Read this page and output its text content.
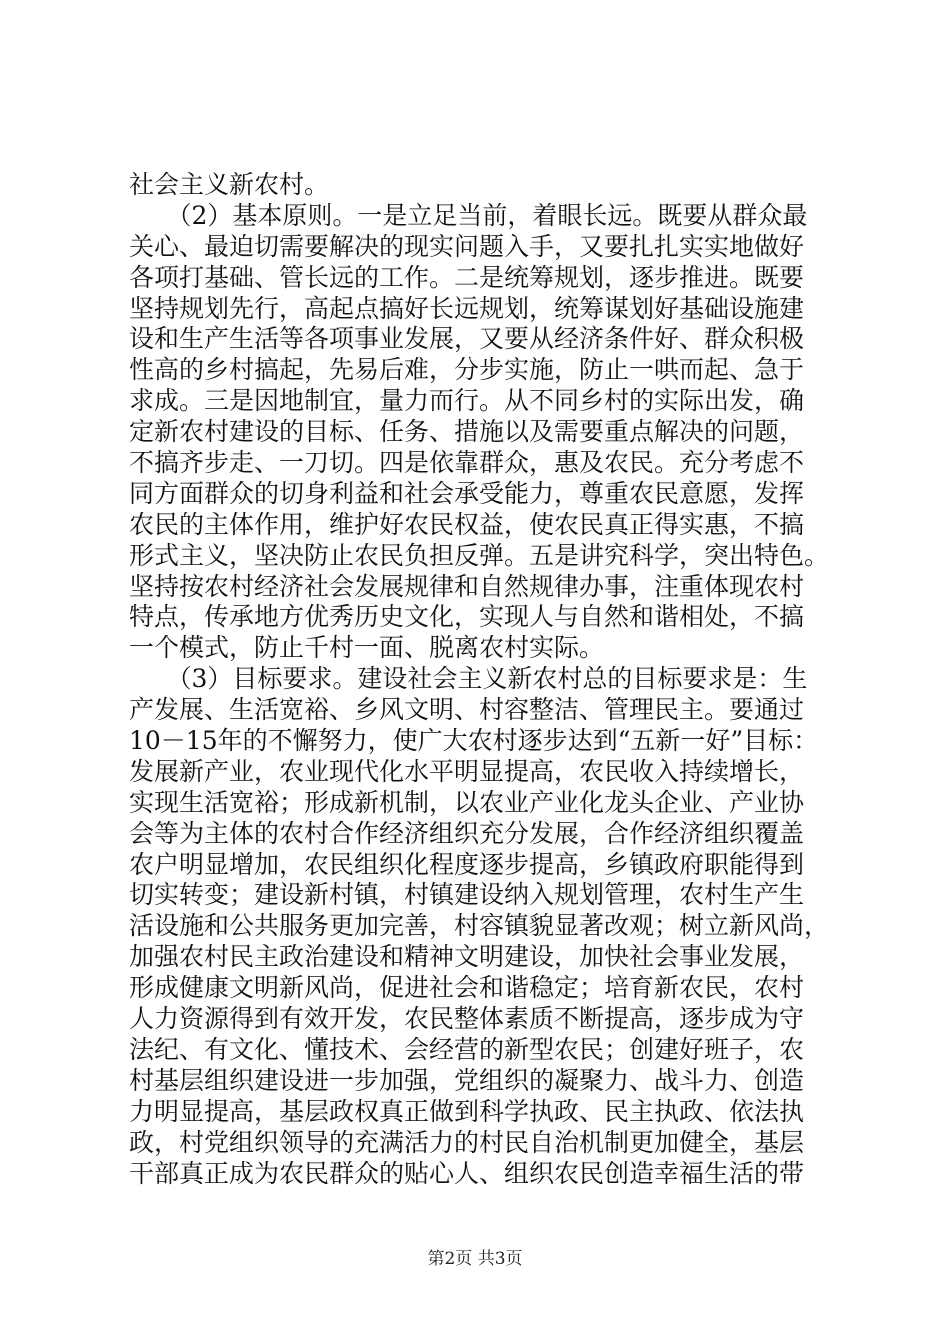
社会主义新农村。
　　（2）基本原则。一是立足当前，着眼长远。既要从群众最
关心、最迫切需要解决的现实问题入手，又要扎扎实实地做好
各项打基础、管长远的工作。二是统筹规划，逐步推进。既要
坚持规划先行，高起点搞好长远规划，统筹谋划好基础设施建
设和生产生活等各项事业发展，又要从经济条件好、群众积极
性高的乡村搞起，先易后难，分步实施，防止一哄而起、急于
求成。三是因地制宜，量力而行。从不同乡村的实际出发，确
定新农村建设的目标、任务、措施以及需要重点解决的问题，
不搞齐步走、一刀切。四是依靠群众，惠及农民。充分考虑不
同方面群众的切身利益和社会承受能力，尊重农民意愿，发挥
农民的主体作用，维护好农民权益，使农民真正得实惠，不搞
形式主义，坚决防止农民负担反弹。五是讲究科学，突出特色。
坚持按农村经济社会发展规律和自然规律办事，注重体现农村
特点，传承地方优秀历史文化，实现人与自然和谐相处，不搞
一个模式，防止千村一面、脱离农村实际。
　　（3）目标要求。建设社会主义新农村总的目标要求是：生
产发展、生活宽裕、乡风文明、村容整洁、管理民主。要通过
10－15年的不懈努力，使广大农村逐步达到“五新一好”目标：
发展新产业，农业现代化水平明显提高，农民收入持续增长，
实现生活宽裕；形成新机制，以农业产业化龙头企业、产业协
会等为主体的农村合作经济组织充分发展，合作经济组织覆盖
农户明显增加，农民组织化程度逐步提高，乡镇政府职能得到
切实转变；建设新村镇，村镇建设纳入规划管理，农村生产生
活设施和公共服务更加完善，村容镇貌显著改观；树立新风尚，
加强农村民主政治建设和精神文明建设，加快社会事业发展，
形成健康文明新风尚，促进社会和谐稳定；培育新农民，农村
人力资源得到有效开发，农民整体素质不断提高，逐步成为守
法纪、有文化、懂技术、会经营的新型农民；创建好班子，农
村基层组织建设进一步加强，党组织的凝聚力、战斗力、创造
力明显提高，基层政权真正做到科学执政、民主执政、依法执
政，村党组织领导的充满活力的村民自治机制更加健全，基层
干部真正成为农民群众的贴心人、组织农民创造幸福生活的带
第2页 共3页
